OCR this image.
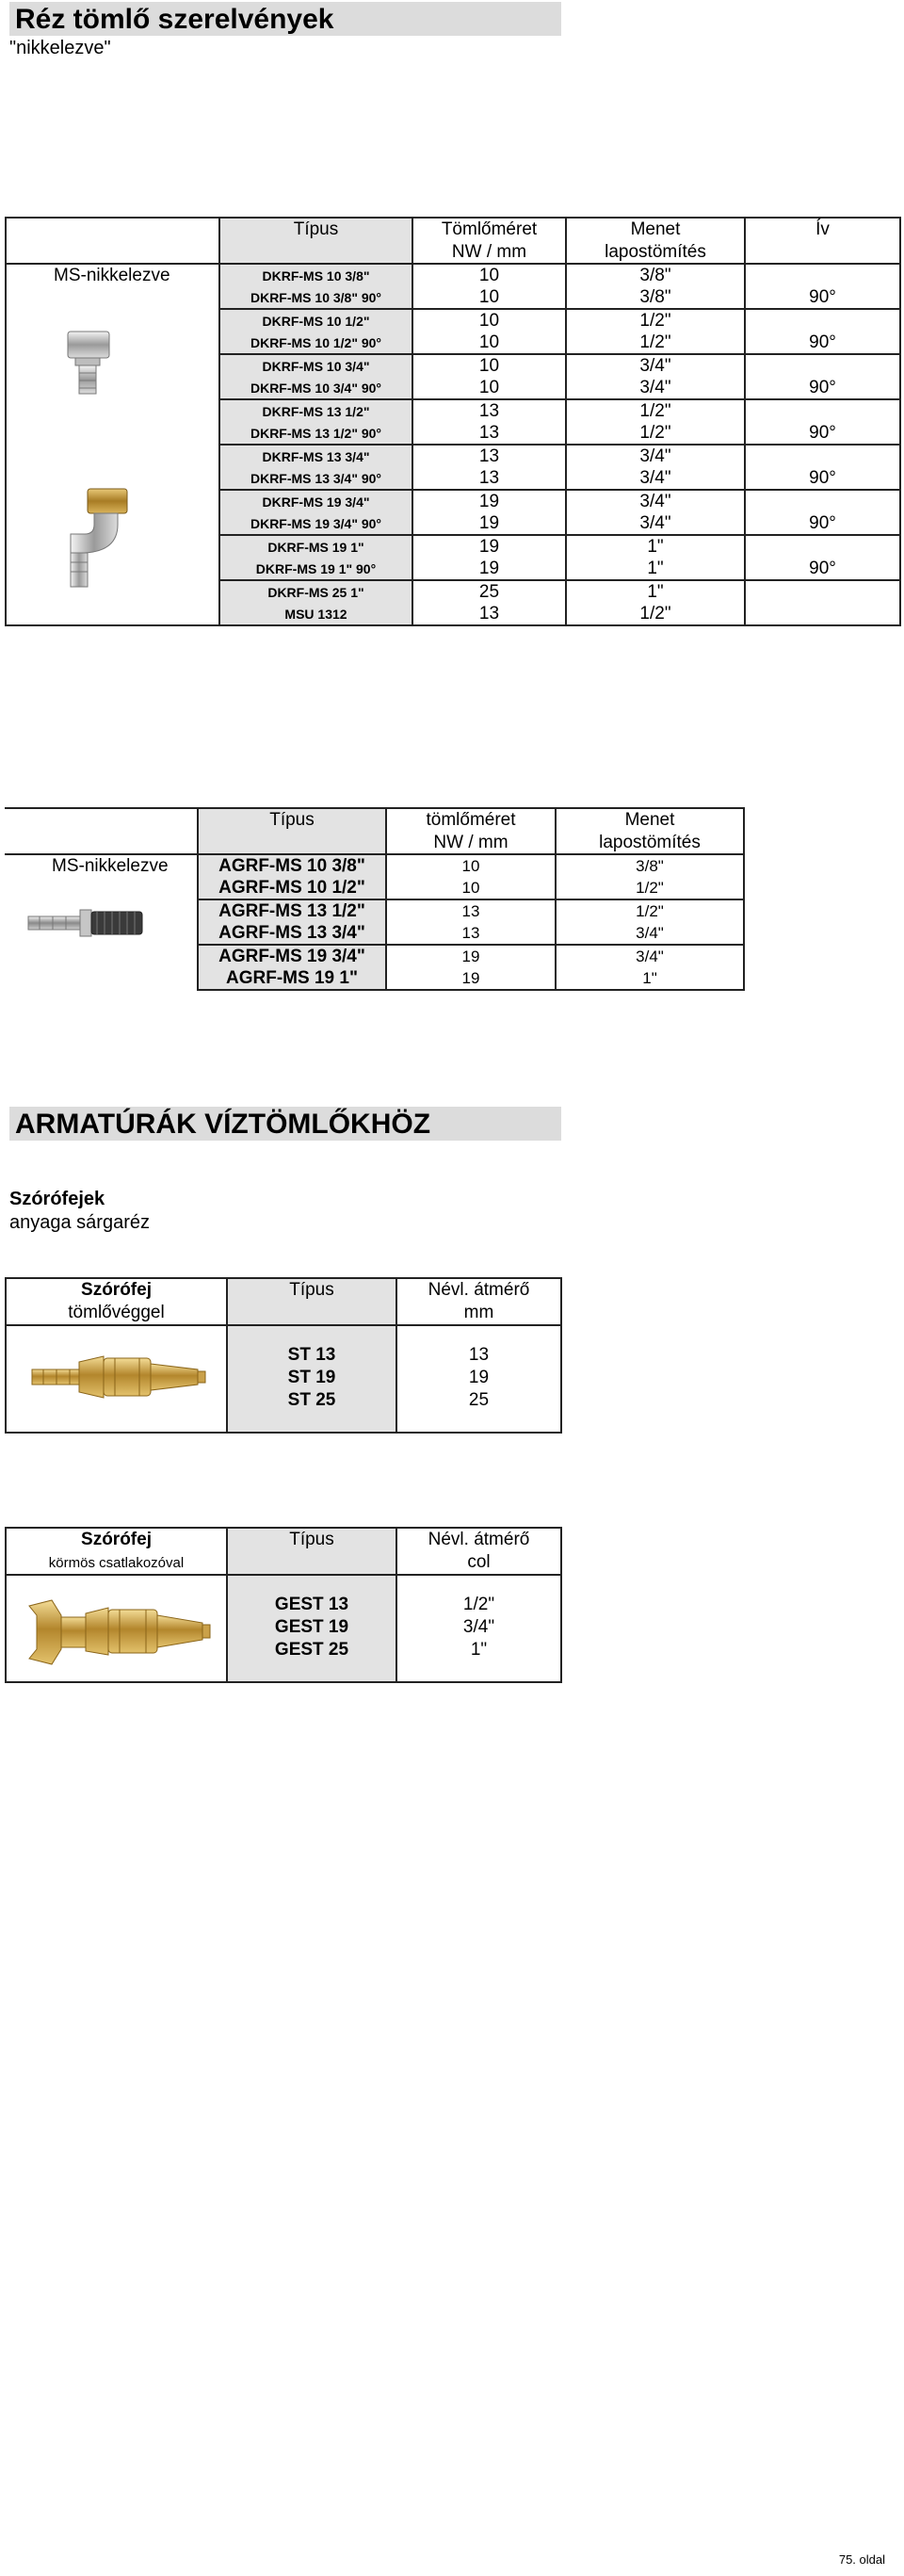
Réz tömlő szerelvények
"nikkelezve"
	Típus	Tömlőméret	Menet	Ív
		NW / mm	lapostömítés	
MS-nikkelezve	DKRF-MS 10 3/8"	10	3/8"	
	DKRF-MS 10 3/8" 90°	10	3/8"	90°
	DKRF-MS 10 1/2"	10	1/2"	
	DKRF-MS 10 1/2" 90°	10	1/2"	90°
	DKRF-MS 10 3/4"	10	3/4"	
	DKRF-MS 10 3/4" 90°	10	3/4"	90°
	DKRF-MS 13 1/2"	13	1/2"	
	DKRF-MS 13 1/2" 90°	13	1/2"	90°
	DKRF-MS 13 3/4"	13	3/4"	
	DKRF-MS 13 3/4" 90°	13	3/4"	90°
	DKRF-MS 19 3/4"	19	3/4"	
	DKRF-MS 19 3/4" 90°	19	3/4"	90°
	DKRF-MS 19 1"	19	1"	
	DKRF-MS 19 1" 90°	19	1"	90°
	DKRF-MS 25 1"	25	1"	
	MSU 1312	13	1/2"	
	Típus	tömlőméret	Menet
		NW / mm	lapostömítés
MS-nikkelezve	AGRF-MS 10 3/8"	10	3/8"
	AGRF-MS 10 1/2"	10	1/2"
	AGRF-MS 13 1/2"	13	1/2"
	AGRF-MS 13 3/4"	13	3/4"
	AGRF-MS 19 3/4"	19	3/4"
	AGRF-MS 19 1"	19	1"
ARMATÚRÁK VÍZTÖMLŐKHÖZ
Szórófejek
anyaga sárgaréz
Szórófej	Típus	Névl. átmérő
tömlővéggel		mm

	ST 13	13
	ST 19	19
	ST 25	25

Szórófej	Típus	Névl. átmérő
körmös csatlakozóval		col

	GEST 13	1/2"
	GEST 19	3/4"
	GEST 25	1"

75. oldal
